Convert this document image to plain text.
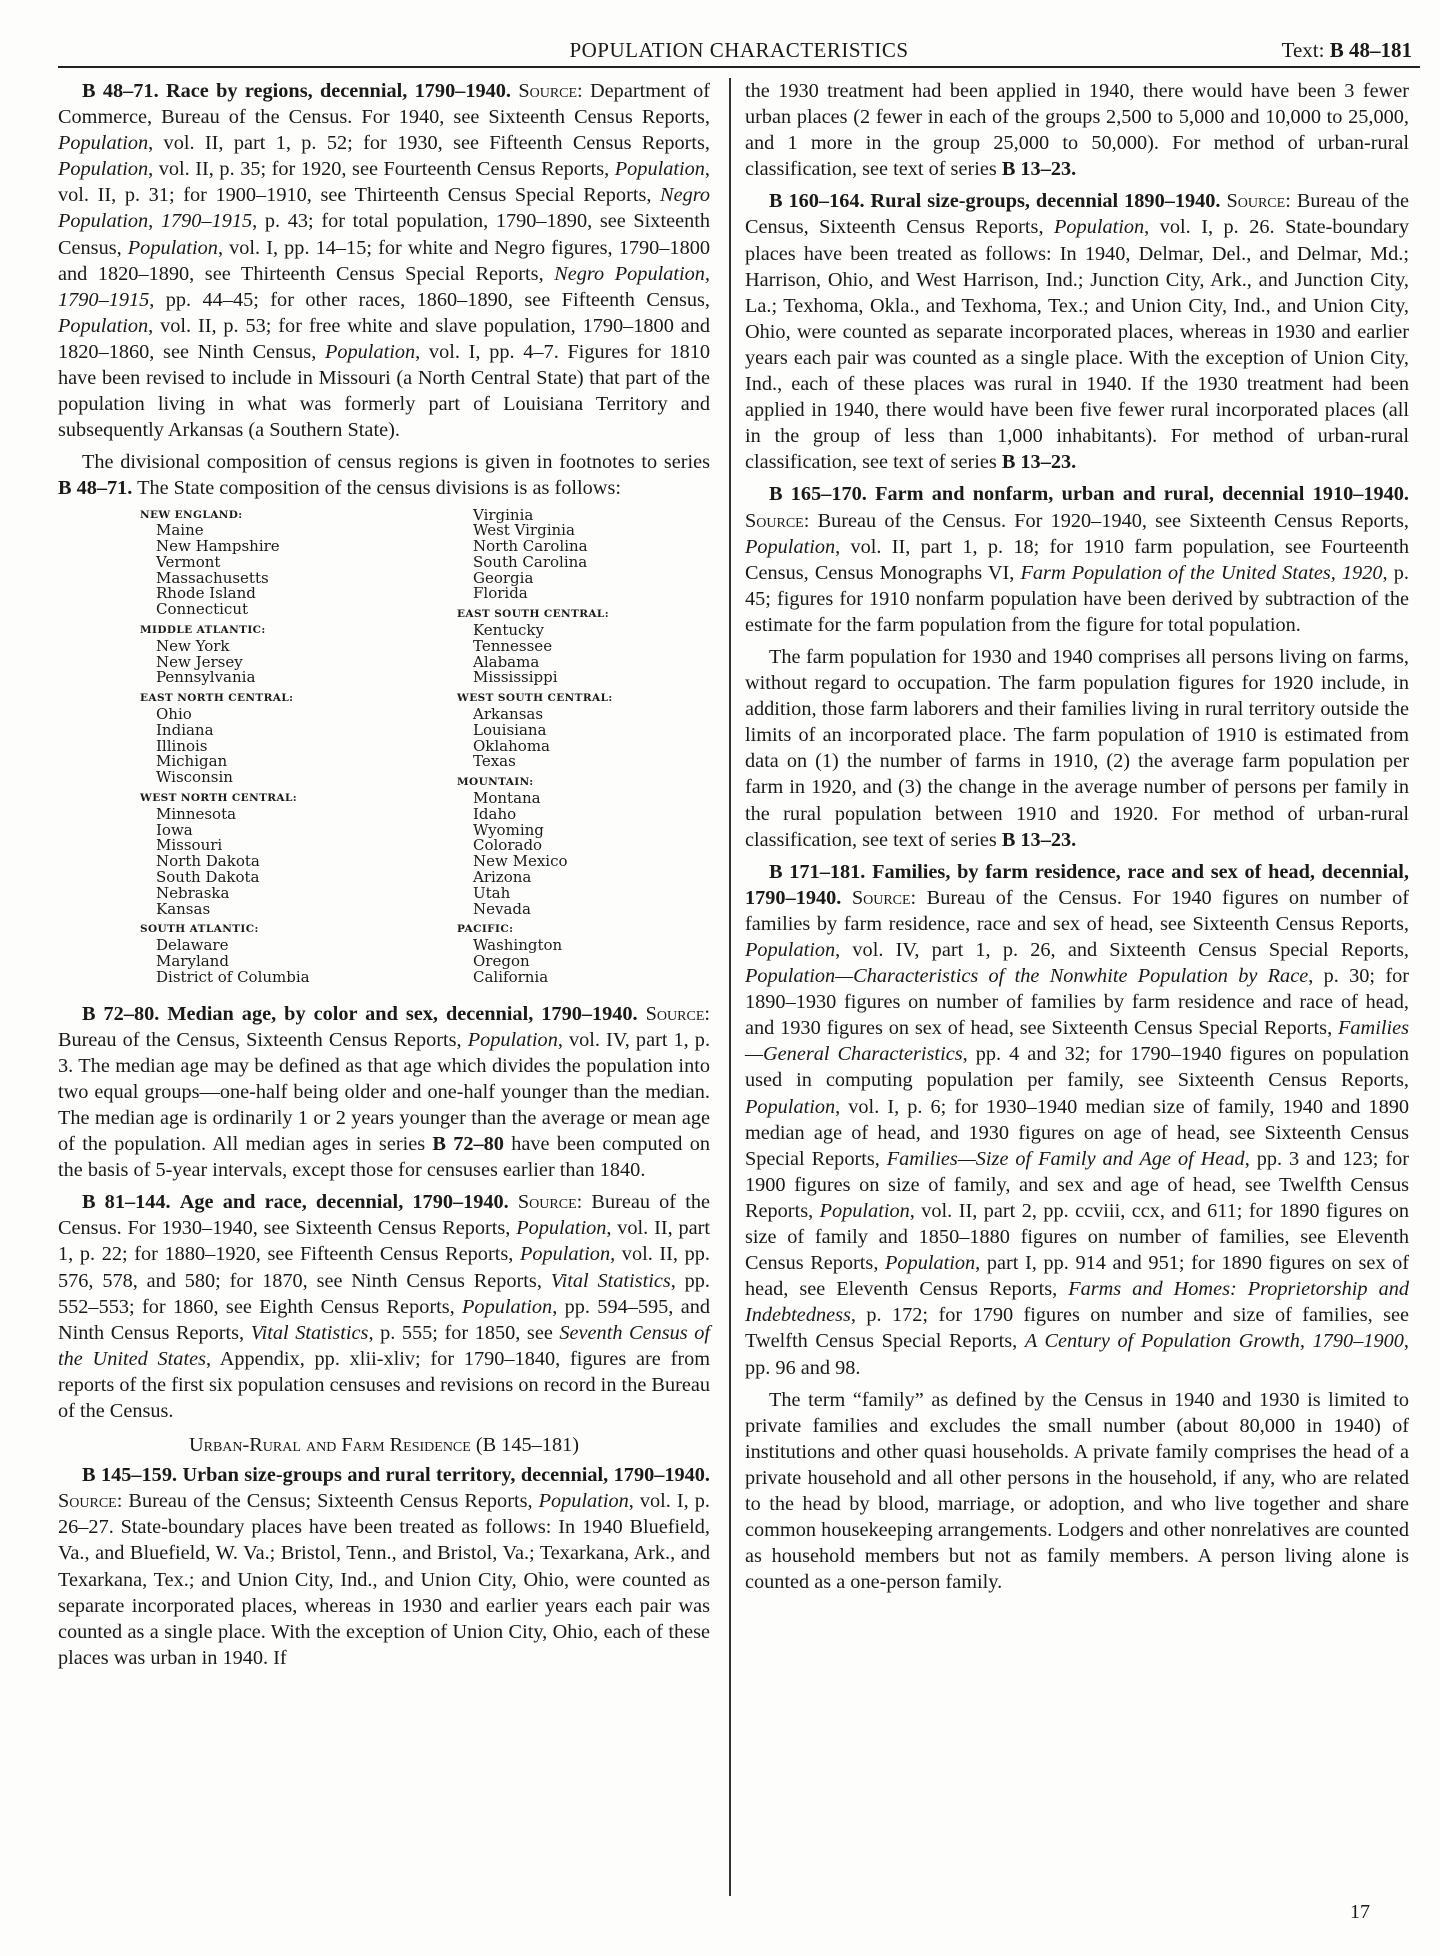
POPULATION CHARACTERISTICS	Text: B 48–181

B 48–71. Race by regions, decennial, 1790–1940. Source: Department of Commerce, Bureau of the Census. For 1940, see Sixteenth Census Reports, Population, vol. II, part 1, p. 52; for 1930, see Fifteenth Census Reports, Population, vol. II, p. 35; for 1920, see Fourteenth Census Reports, Population, vol. II, p. 31; for 1900–1910, see Thirteenth Census Special Reports, Negro Population, 1790–1915, p. 43; for total population, 1790–1890, see Sixteenth Census, Population, vol. I, pp. 14–15; for white and Negro figures, 1790–1800 and 1820–1890, see Thirteenth Census Special Reports, Negro Population, 1790–1915, pp. 44–45; for other races, 1860–1890, see Fifteenth Census, Population, vol. II, p. 53; for free white and slave population, 1790–1800 and 1820–1860, see Ninth Census, Population, vol. I, pp. 4–7. Figures for 1810 have been revised to include in Missouri (a North Central State) that part of the population living in what was formerly part of Louisiana Territory and subsequently Arkansas (a Southern State).

The divisional composition of census regions is given in footnotes to series B 48–71. The State composition of the census divisions is as follows:

NEW ENGLAND:
Maine
New Hampshire
Vermont
Massachusetts
Rhode Island
Connecticut
MIDDLE ATLANTIC:
New York
New Jersey
Pennsylvania
EAST NORTH CENTRAL:
Ohio
Indiana
Illinois
Michigan
Wisconsin
WEST NORTH CENTRAL:
Minnesota
Iowa
Missouri
North Dakota
South Dakota
Nebraska
Kansas
SOUTH ATLANTIC:
Delaware
Maryland
District of Columbia
Virginia
West Virginia
North Carolina
South Carolina
Georgia
Florida
EAST SOUTH CENTRAL:
Kentucky
Tennessee
Alabama
Mississippi
WEST SOUTH CENTRAL:
Arkansas
Louisiana
Oklahoma
Texas
MOUNTAIN:
Montana
Idaho
Wyoming
Colorado
New Mexico
Arizona
Utah
Nevada
PACIFIC:
Washington
Oregon
California

B 72–80. Median age, by color and sex, decennial, 1790–1940. Source: Bureau of the Census, Sixteenth Census Reports, Population, vol. IV, part 1, p. 3. The median age may be defined as that age which divides the population into two equal groups—one-half being older and one-half younger than the median. The median age is ordinarily 1 or 2 years younger than the average or mean age of the population. All median ages in series B 72–80 have been computed on the basis of 5-year intervals, except those for censuses earlier than 1840.

B 81–144. Age and race, decennial, 1790–1940. Source: Bureau of the Census. For 1930–1940, see Sixteenth Census Reports, Population, vol. II, part 1, p. 22; for 1880–1920, see Fifteenth Census Reports, Population, vol. II, pp. 576, 578, and 580; for 1870, see Ninth Census Reports, Vital Statistics, pp. 552–553; for 1860, see Eighth Census Reports, Population, pp. 594–595, and Ninth Census Reports, Vital Statistics, p. 555; for 1850, see Seventh Census of the United States, Appendix, pp. xlii-xliv; for 1790–1840, figures are from reports of the first six population censuses and revisions on record in the Bureau of the Census.

Urban-Rural and Farm Residence (B 145–181)

B 145–159. Urban size-groups and rural territory, decennial, 1790–1940. Source: Bureau of the Census; Sixteenth Census Reports, Population, vol. I, p. 26–27. State-boundary places have been treated as follows: In 1940 Bluefield, Va., and Bluefield, W. Va.; Bristol, Tenn., and Bristol, Va.; Texarkana, Ark., and Texarkana, Tex.; and Union City, Ind., and Union City, Ohio, were counted as separate incorporated places, whereas in 1930 and earlier years each pair was counted as a single place. With the exception of Union City, Ohio, each of these places was urban in 1940. If

the 1930 treatment had been applied in 1940, there would have been 3 fewer urban places (2 fewer in each of the groups 2,500 to 5,000 and 10,000 to 25,000, and 1 more in the group 25,000 to 50,000). For method of urban-rural classification, see text of series B 13–23.

B 160–164. Rural size-groups, decennial 1890–1940. Source: Bureau of the Census, Sixteenth Census Reports, Population, vol. I, p. 26. State-boundary places have been treated as follows: In 1940, Delmar, Del., and Delmar, Md.; Harrison, Ohio, and West Harrison, Ind.; Junction City, Ark., and Junction City, La.; Texhoma, Okla., and Texhoma, Tex.; and Union City, Ind., and Union City, Ohio, were counted as separate incorporated places, whereas in 1930 and earlier years each pair was counted as a single place. With the exception of Union City, Ind., each of these places was rural in 1940. If the 1930 treatment had been applied in 1940, there would have been five fewer rural incorporated places (all in the group of less than 1,000 inhabitants). For method of urban-rural classification, see text of series B 13–23.

B 165–170. Farm and nonfarm, urban and rural, decennial 1910–1940. Source: Bureau of the Census. For 1920–1940, see Sixteenth Census Reports, Population, vol. II, part 1, p. 18; for 1910 farm population, see Fourteenth Census, Census Monographs VI, Farm Population of the United States, 1920, p. 45; figures for 1910 nonfarm population have been derived by subtraction of the estimate for the farm population from the figure for total population.

The farm population for 1930 and 1940 comprises all persons living on farms, without regard to occupation. The farm population figures for 1920 include, in addition, those farm laborers and their families living in rural territory outside the limits of an incorporated place. The farm population of 1910 is estimated from data on (1) the number of farms in 1910, (2) the average farm population per farm in 1920, and (3) the change in the average number of persons per family in the rural population between 1910 and 1920. For method of urban-rural classification, see text of series B 13–23.

B 171–181. Families, by farm residence, race and sex of head, decennial, 1790–1940. Source: Bureau of the Census. For 1940 figures on number of families by farm residence, race and sex of head, see Sixteenth Census Reports, Population, vol. IV, part 1, p. 26, and Sixteenth Census Special Reports, Population—Characteristics of the Nonwhite Population by Race, p. 30; for 1890–1930 figures on number of families by farm residence and race of head, and 1930 figures on sex of head, see Sixteenth Census Special Reports, Families—General Characteristics, pp. 4 and 32; for 1790–1940 figures on population used in computing population per family, see Sixteenth Census Reports, Population, vol. I, p. 6; for 1930–1940 median size of family, 1940 and 1890 median age of head, and 1930 figures on age of head, see Sixteenth Census Special Reports, Families—Size of Family and Age of Head, pp. 3 and 123; for 1900 figures on size of family, and sex and age of head, see Twelfth Census Reports, Population, vol. II, part 2, pp. ccviii, ccx, and 611; for 1890 figures on size of family and 1850–1880 figures on number of families, see Eleventh Census Reports, Population, part I, pp. 914 and 951; for 1890 figures on sex of head, see Eleventh Census Reports, Farms and Homes: Proprietorship and Indebtedness, p. 172; for 1790 figures on number and size of families, see Twelfth Census Special Reports, A Century of Population Growth, 1790–1900, pp. 96 and 98.

The term “family” as defined by the Census in 1940 and 1930 is limited to private families and excludes the small number (about 80,000 in 1940) of institutions and other quasi households. A private family comprises the head of a private household and all other persons in the household, if any, who are related to the head by blood, marriage, or adoption, and who live together and share common housekeeping arrangements. Lodgers and other nonrelatives are counted as household members but not as family members. A person living alone is counted as a one-person family.

17
